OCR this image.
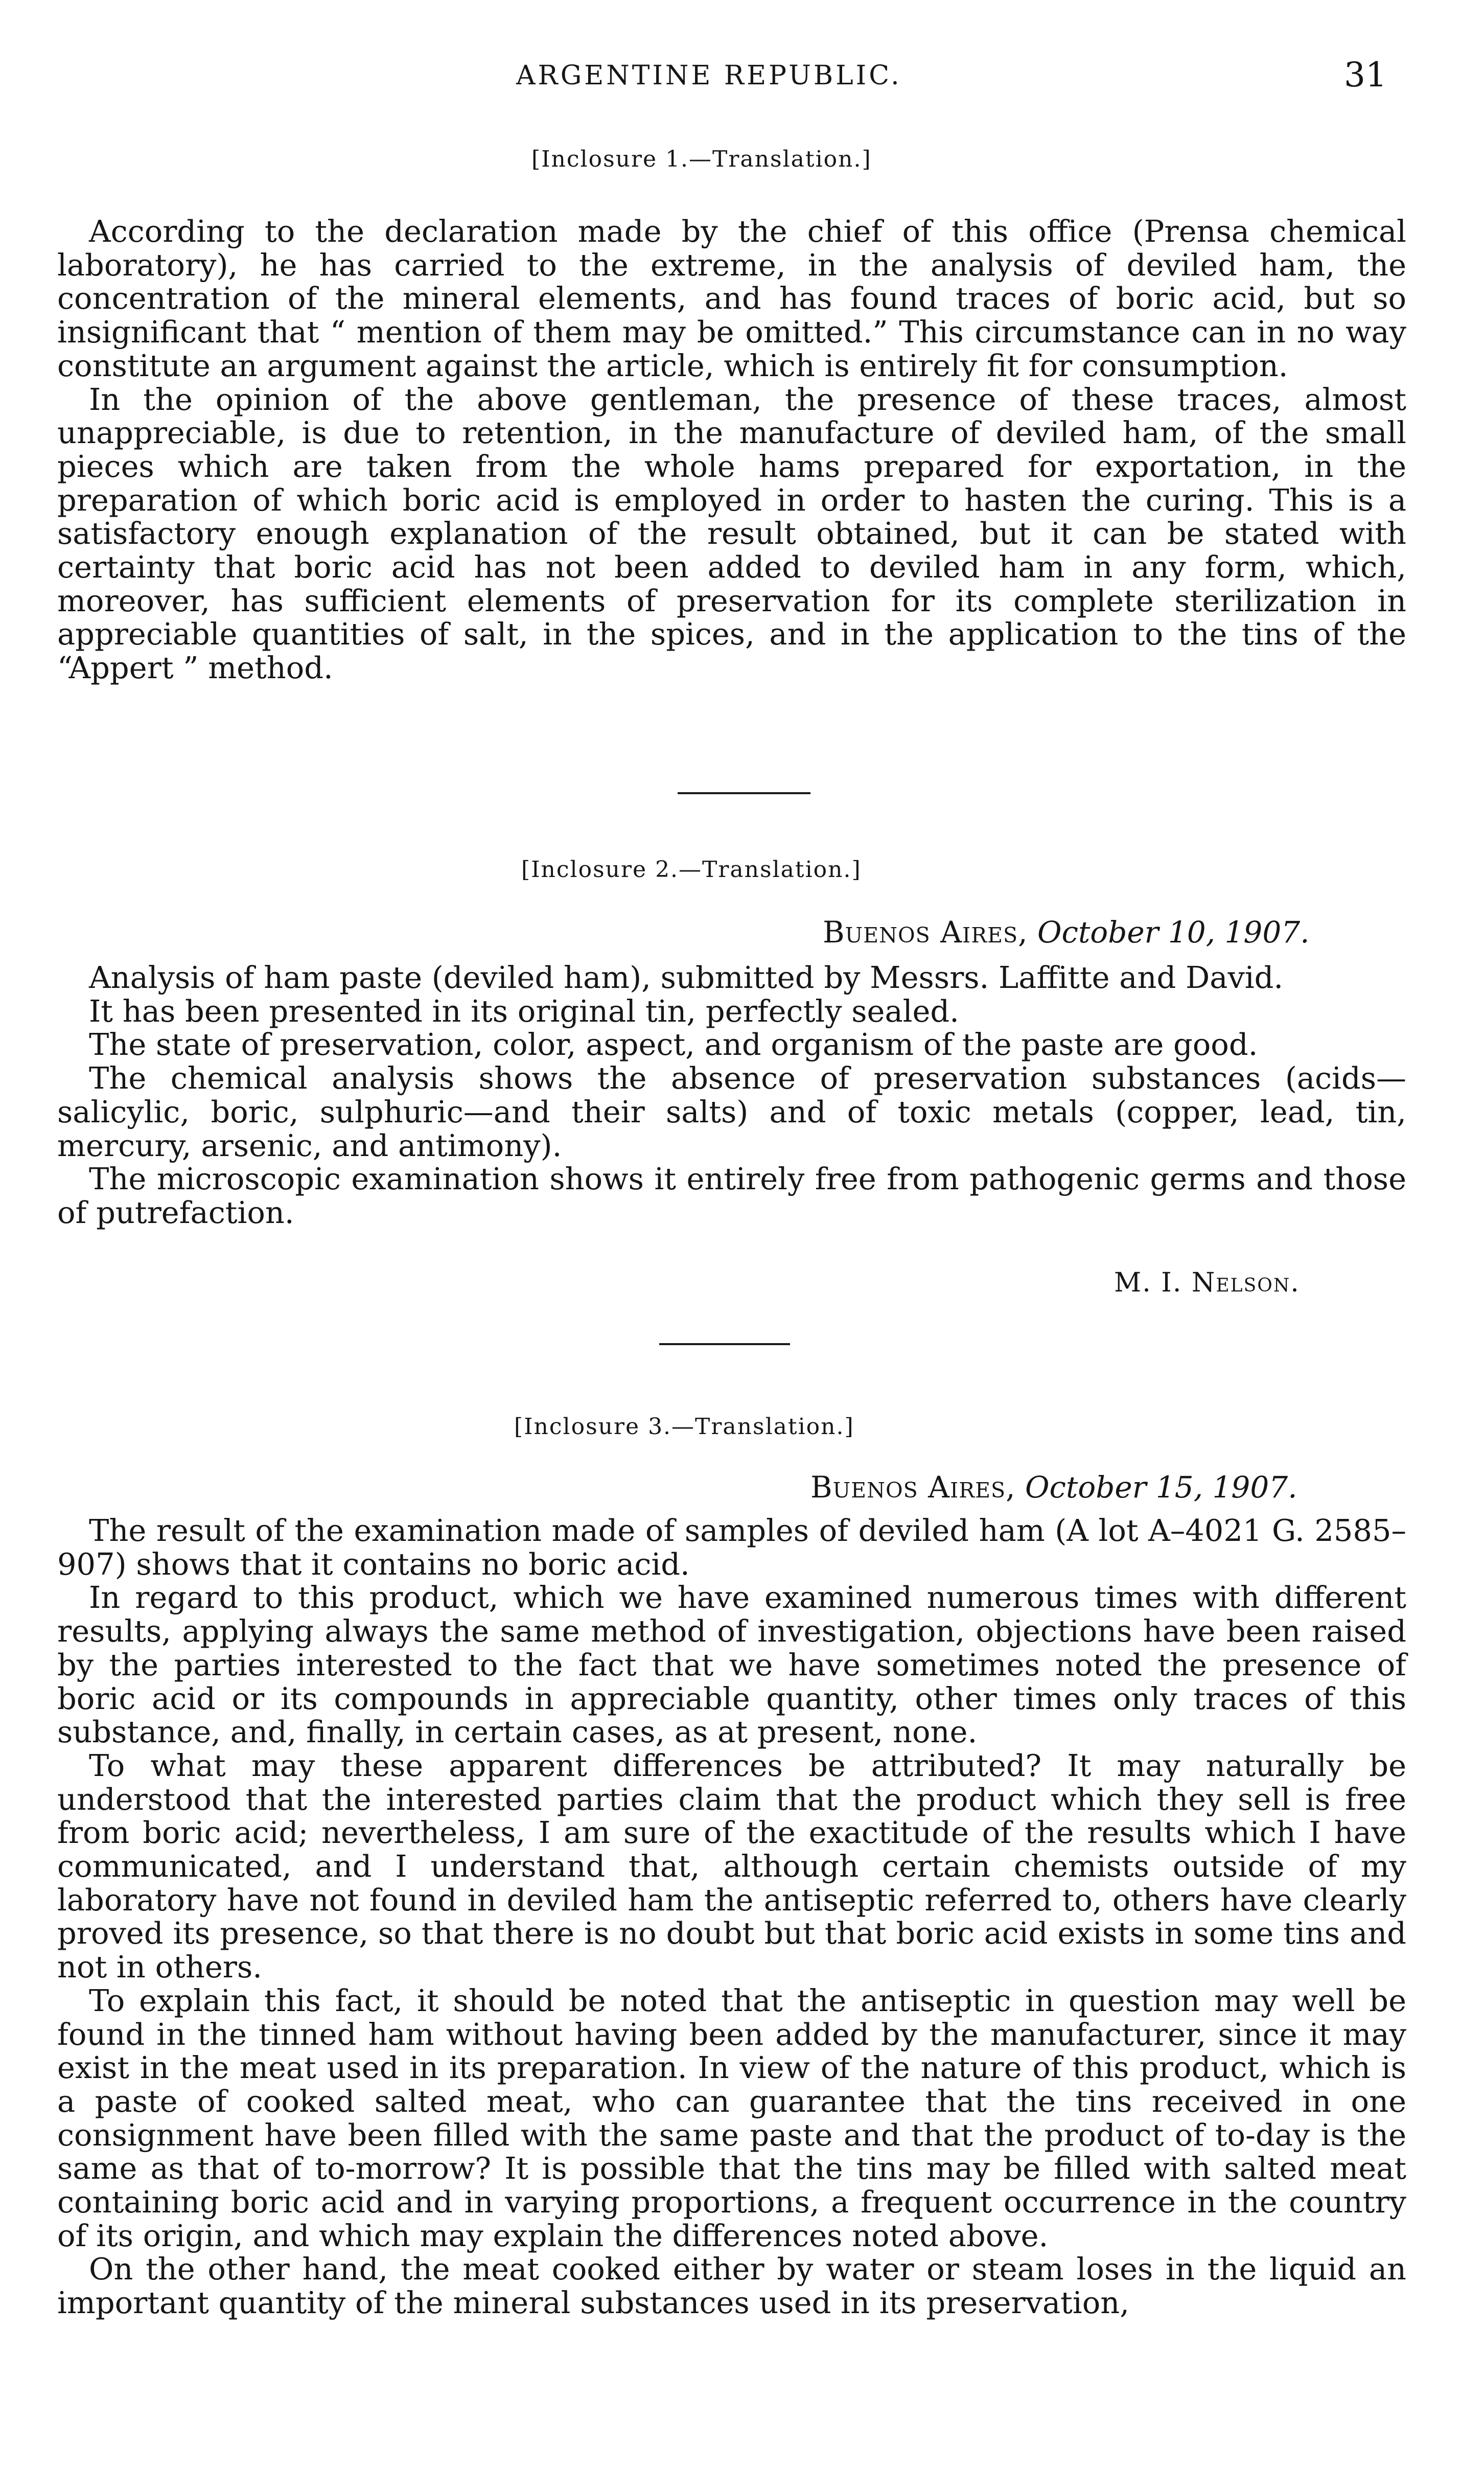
ARGENTINE REPUBLIC.	31
[Inclosure 1.—Translation.]

According to the declaration made by the chief of this office (Prensa chemical laboratory), he has carried to the extreme, in the analysis of deviled ham, the concentration of the mineral elements, and has found traces of boric acid, but so insignificant that “ mention of them may be omitted.” This circumstance can in no way constitute an argument against the article, which is entirely fit for consumption.

In the opinion of the above gentleman, the presence of these traces, almost unappreciable, is due to retention, in the manufacture of deviled ham, of the small pieces which are taken from the whole hams prepared for exportation, in the preparation of which boric acid is employed in order to hasten the curing. This is a satisfactory enough explanation of the result obtained, but it can be stated with certainty that boric acid has not been added to deviled ham in any form, which, moreover, has sufficient elements of preservation for its complete sterilization in appreciable quantities of salt, in the spices, and in the application to the tins of the “Appert ” method.

[Inclosure 2.—Translation.]
Buenos Aires, October 10, 1907.

Analysis of ham paste (deviled ham), submitted by Messrs. Laffitte and David.

It has been presented in its original tin, perfectly sealed.

The state of preservation, color, aspect, and organism of the paste are good.

The chemical analysis shows the absence of preservation substances (acids—salicylic, boric, sulphuric—and their salts) and of toxic metals (copper, lead, tin, mercury, arsenic, and antimony).

The microscopic examination shows it entirely free from pathogenic germs and those of putrefaction.

M. I. Nelson.
[Inclosure 3.—Translation.]
Buenos Aires, October 15, 1907.

The result of the examination made of samples of deviled ham (A lot A–4021 G. 2585–907) shows that it contains no boric acid.

In regard to this product, which we have examined numerous times with different results, applying always the same method of investigation, objections have been raised by the parties interested to the fact that we have sometimes noted the presence of boric acid or its compounds in appreciable quantity, other times only traces of this substance, and, finally, in certain cases, as at present, none.

To what may these apparent differences be attributed? It may naturally be understood that the interested parties claim that the product which they sell is free from boric acid; nevertheless, I am sure of the exactitude of the results which I have communicated, and I understand that, although certain chemists outside of my laboratory have not found in deviled ham the antiseptic referred to, others have clearly proved its presence, so that there is no doubt but that boric acid exists in some tins and not in others.

To explain this fact, it should be noted that the antiseptic in question may well be found in the tinned ham without having been added by the manufacturer, since it may exist in the meat used in its preparation. In view of the nature of this product, which is a paste of cooked salted meat, who can guarantee that the tins received in one consignment have been filled with the same paste and that the product of to-day is the same as that of to-morrow? It is possible that the tins may be filled with salted meat containing boric acid and in varying proportions, a frequent occurrence in the country of its origin, and which may explain the differences noted above.

On the other hand, the meat cooked either by water or steam loses in the liquid an important quantity of the mineral substances used in its preservation,
